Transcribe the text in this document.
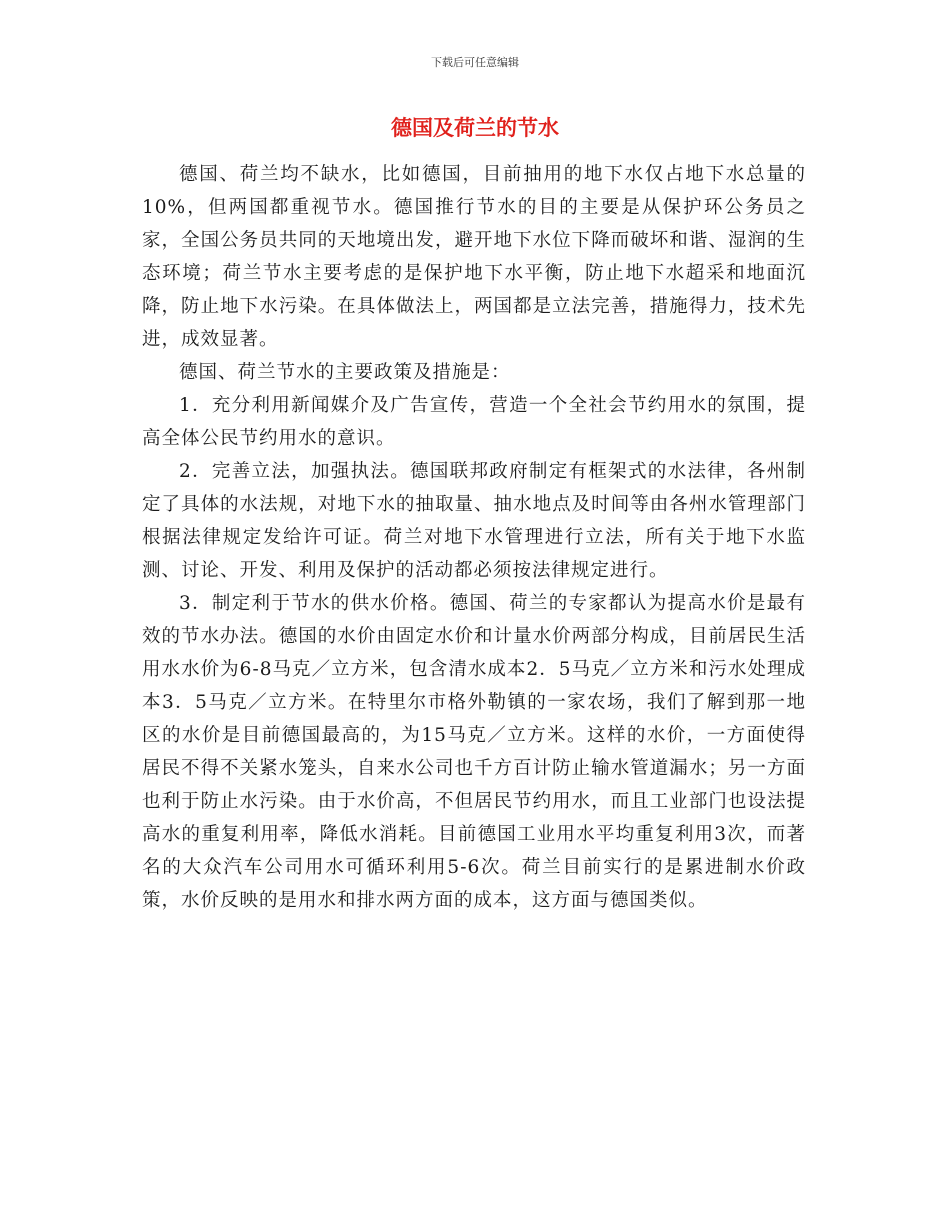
下载后可任意编辑
德国及荷兰的节水

德国、荷兰均不缺水，比如德国，目前抽用的地下水仅占地下水总量的10%，但两国都重视节水。德国推行节水的目的主要是从保护环公务员之家，全国公务员共同的天地境出发，避开地下水位下降而破坏和谐、湿润的生态环境；荷兰节水主要考虑的是保护地下水平衡，防止地下水超采和地面沉降，防止地下水污染。在具体做法上，两国都是立法完善，措施得力，技术先进，成效显著。

德国、荷兰节水的主要政策及措施是：

1．充分利用新闻媒介及广告宣传，营造一个全社会节约用水的氛围，提高全体公民节约用水的意识。

2．完善立法，加强执法。德国联邦政府制定有框架式的水法律，各州制定了具体的水法规，对地下水的抽取量、抽水地点及时间等由各州水管理部门根据法律规定发给许可证。荷兰对地下水管理进行立法，所有关于地下水监测、讨论、开发、利用及保护的活动都必须按法律规定进行。

3．制定利于节水的供水价格。德国、荷兰的专家都认为提高水价是最有效的节水办法。德国的水价由固定水价和计量水价两部分构成，目前居民生活用水水价为6-8马克／立方米，包含清水成本2．5马克／立方米和污水处理成本3．5马克／立方米。在特里尔市格外勒镇的一家农场，我们了解到那一地区的水价是目前德国最高的，为15马克／立方米。这样的水价，一方面使得居民不得不关紧水笼头，自来水公司也千方百计防止输水管道漏水；另一方面也利于防止水污染。由于水价高，不但居民节约用水，而且工业部门也设法提高水的重复利用率，降低水消耗。目前德国工业用水平均重复利用3次，而著名的大众汽车公司用水可循环利用5-6次。荷兰目前实行的是累进制水价政策，水价反映的是用水和排水两方面的成本，这方面与德国类似。
